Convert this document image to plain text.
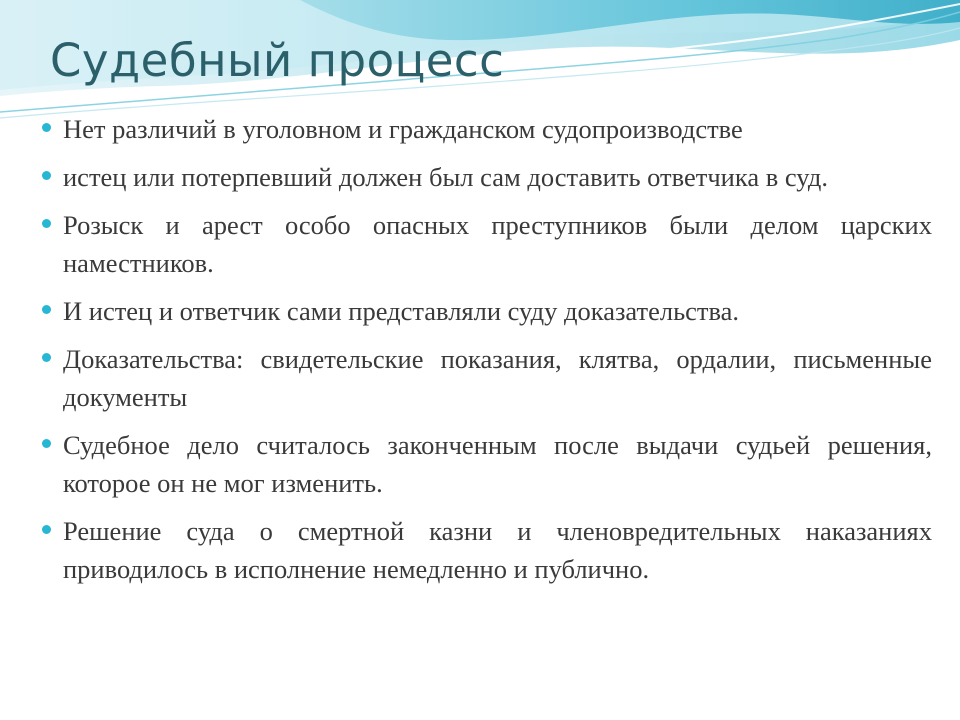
Судебный процесс
Нет различий в уголовном и гражданском судопроизводстве
истец или потерпевший должен был сам доставить ответчика в суд.
Розыск и арест особо опасных преступников были делом царских наместников.
И истец и ответчик сами представляли суду доказательства.
Доказательства: свидетельские показания, клятва, ордалии, письменные документы
Судебное дело считалось законченным после выдачи судьей решения, которое он не мог изменить.
Решение суда о смертной казни и членовредительных наказаниях приводилось в исполнение немедленно и публично.
